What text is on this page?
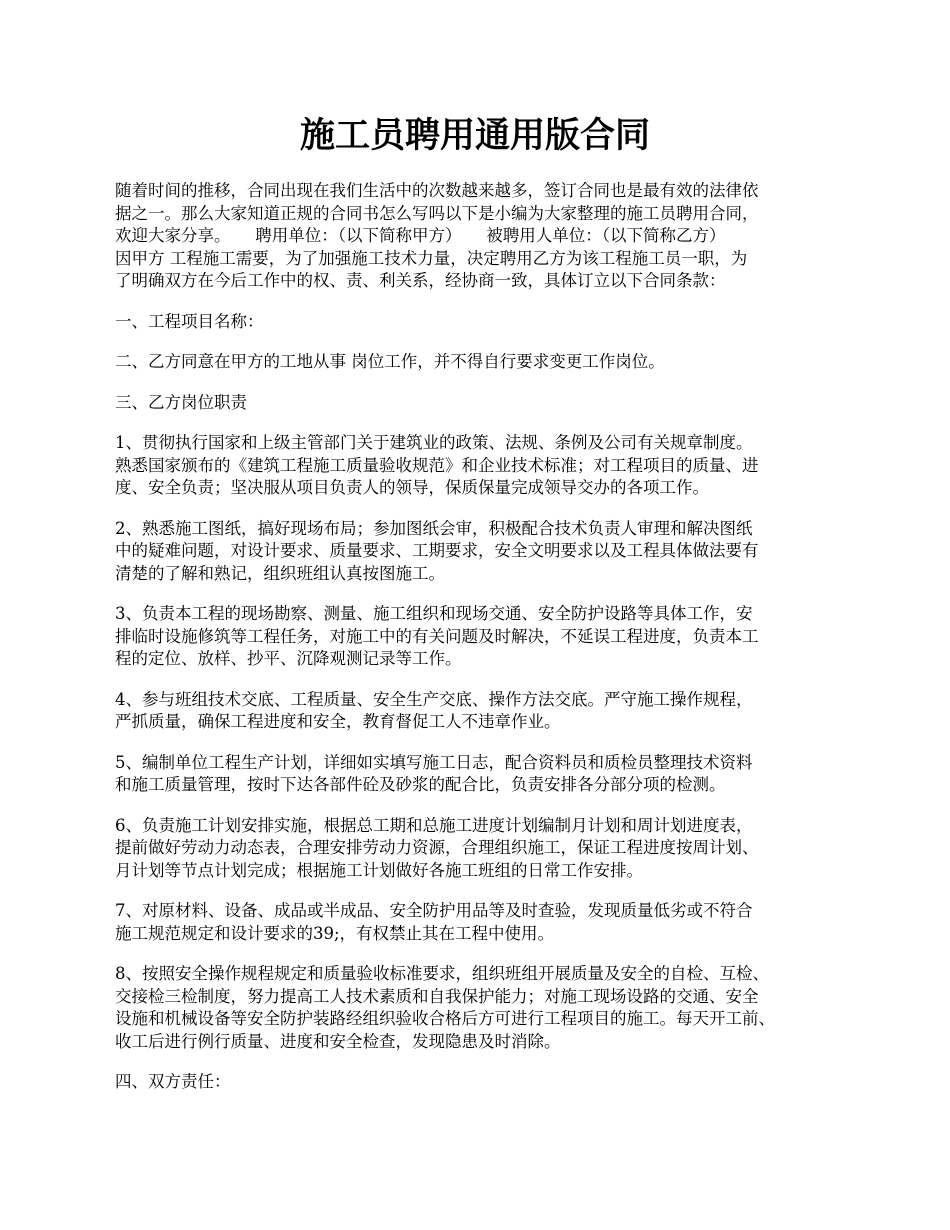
施工员聘用通用版合同

随着时间的推移，合同出现在我们生活中的次数越来越多，签订合同也是最有效的法律依
据之一。那么大家知道正规的合同书怎么写吗以下是小编为大家整理的施工员聘用合同，
欢迎大家分享。　　聘用单位：（以下简称甲方）　　被聘用人单位：（以下简称乙方）
因甲方 工程施工需要，为了加强施工技术力量，决定聘用乙方为该工程施工员一职，为
了明确双方在今后工作中的权、责、利关系，经协商一致，具体订立以下合同条款：

一、工程项目名称：

二、乙方同意在甲方的工地从事 岗位工作，并不得自行要求变更工作岗位。

三、乙方岗位职责

1、贯彻执行国家和上级主管部门关于建筑业的政策、法规、条例及公司有关规章制度。
熟悉国家颁布的《建筑工程施工质量验收规范》和企业技术标准；对工程项目的质量、进
度、安全负责；坚决服从项目负责人的领导，保质保量完成领导交办的各项工作。

2、熟悉施工图纸，搞好现场布局；参加图纸会审，积极配合技术负责人审理和解决图纸
中的疑难问题，对设计要求、质量要求、工期要求，安全文明要求以及工程具体做法要有
清楚的了解和熟记，组织班组认真按图施工。

3、负责本工程的现场勘察、测量、施工组织和现场交通、安全防护设路等具体工作，安
排临时设施修筑等工程任务，对施工中的有关问题及时解决，不延误工程进度，负责本工
程的定位、放样、抄平、沉降观测记录等工作。

4、参与班组技术交底、工程质量、安全生产交底、操作方法交底。严守施工操作规程，
严抓质量，确保工程进度和安全，教育督促工人不违章作业。

5、编制单位工程生产计划，详细如实填写施工日志，配合资料员和质检员整理技术资料
和施工质量管理，按时下达各部件砼及砂浆的配合比，负责安排各分部分项的检测。

6、负责施工计划安排实施，根据总工期和总施工进度计划编制月计划和周计划进度表，
提前做好劳动力动态表，合理安排劳动力资源，合理组织施工，保证工程进度按周计划、
月计划等节点计划完成；根据施工计划做好各施工班组的日常工作安排。

7、对原材料、设备、成品或半成品、安全防护用品等及时查验，发现质量低劣或不符合
施工规范规定和设计要求的39;，有权禁止其在工程中使用。

8、按照安全操作规程规定和质量验收标准要求，组织班组开展质量及安全的自检、互检、
交接检三检制度，努力提高工人技术素质和自我保护能力；对施工现场设路的交通、安全
设施和机械设备等安全防护装路经组织验收合格后方可进行工程项目的施工。每天开工前、
收工后进行例行质量、进度和安全检查，发现隐患及时消除。

四、双方责任：
